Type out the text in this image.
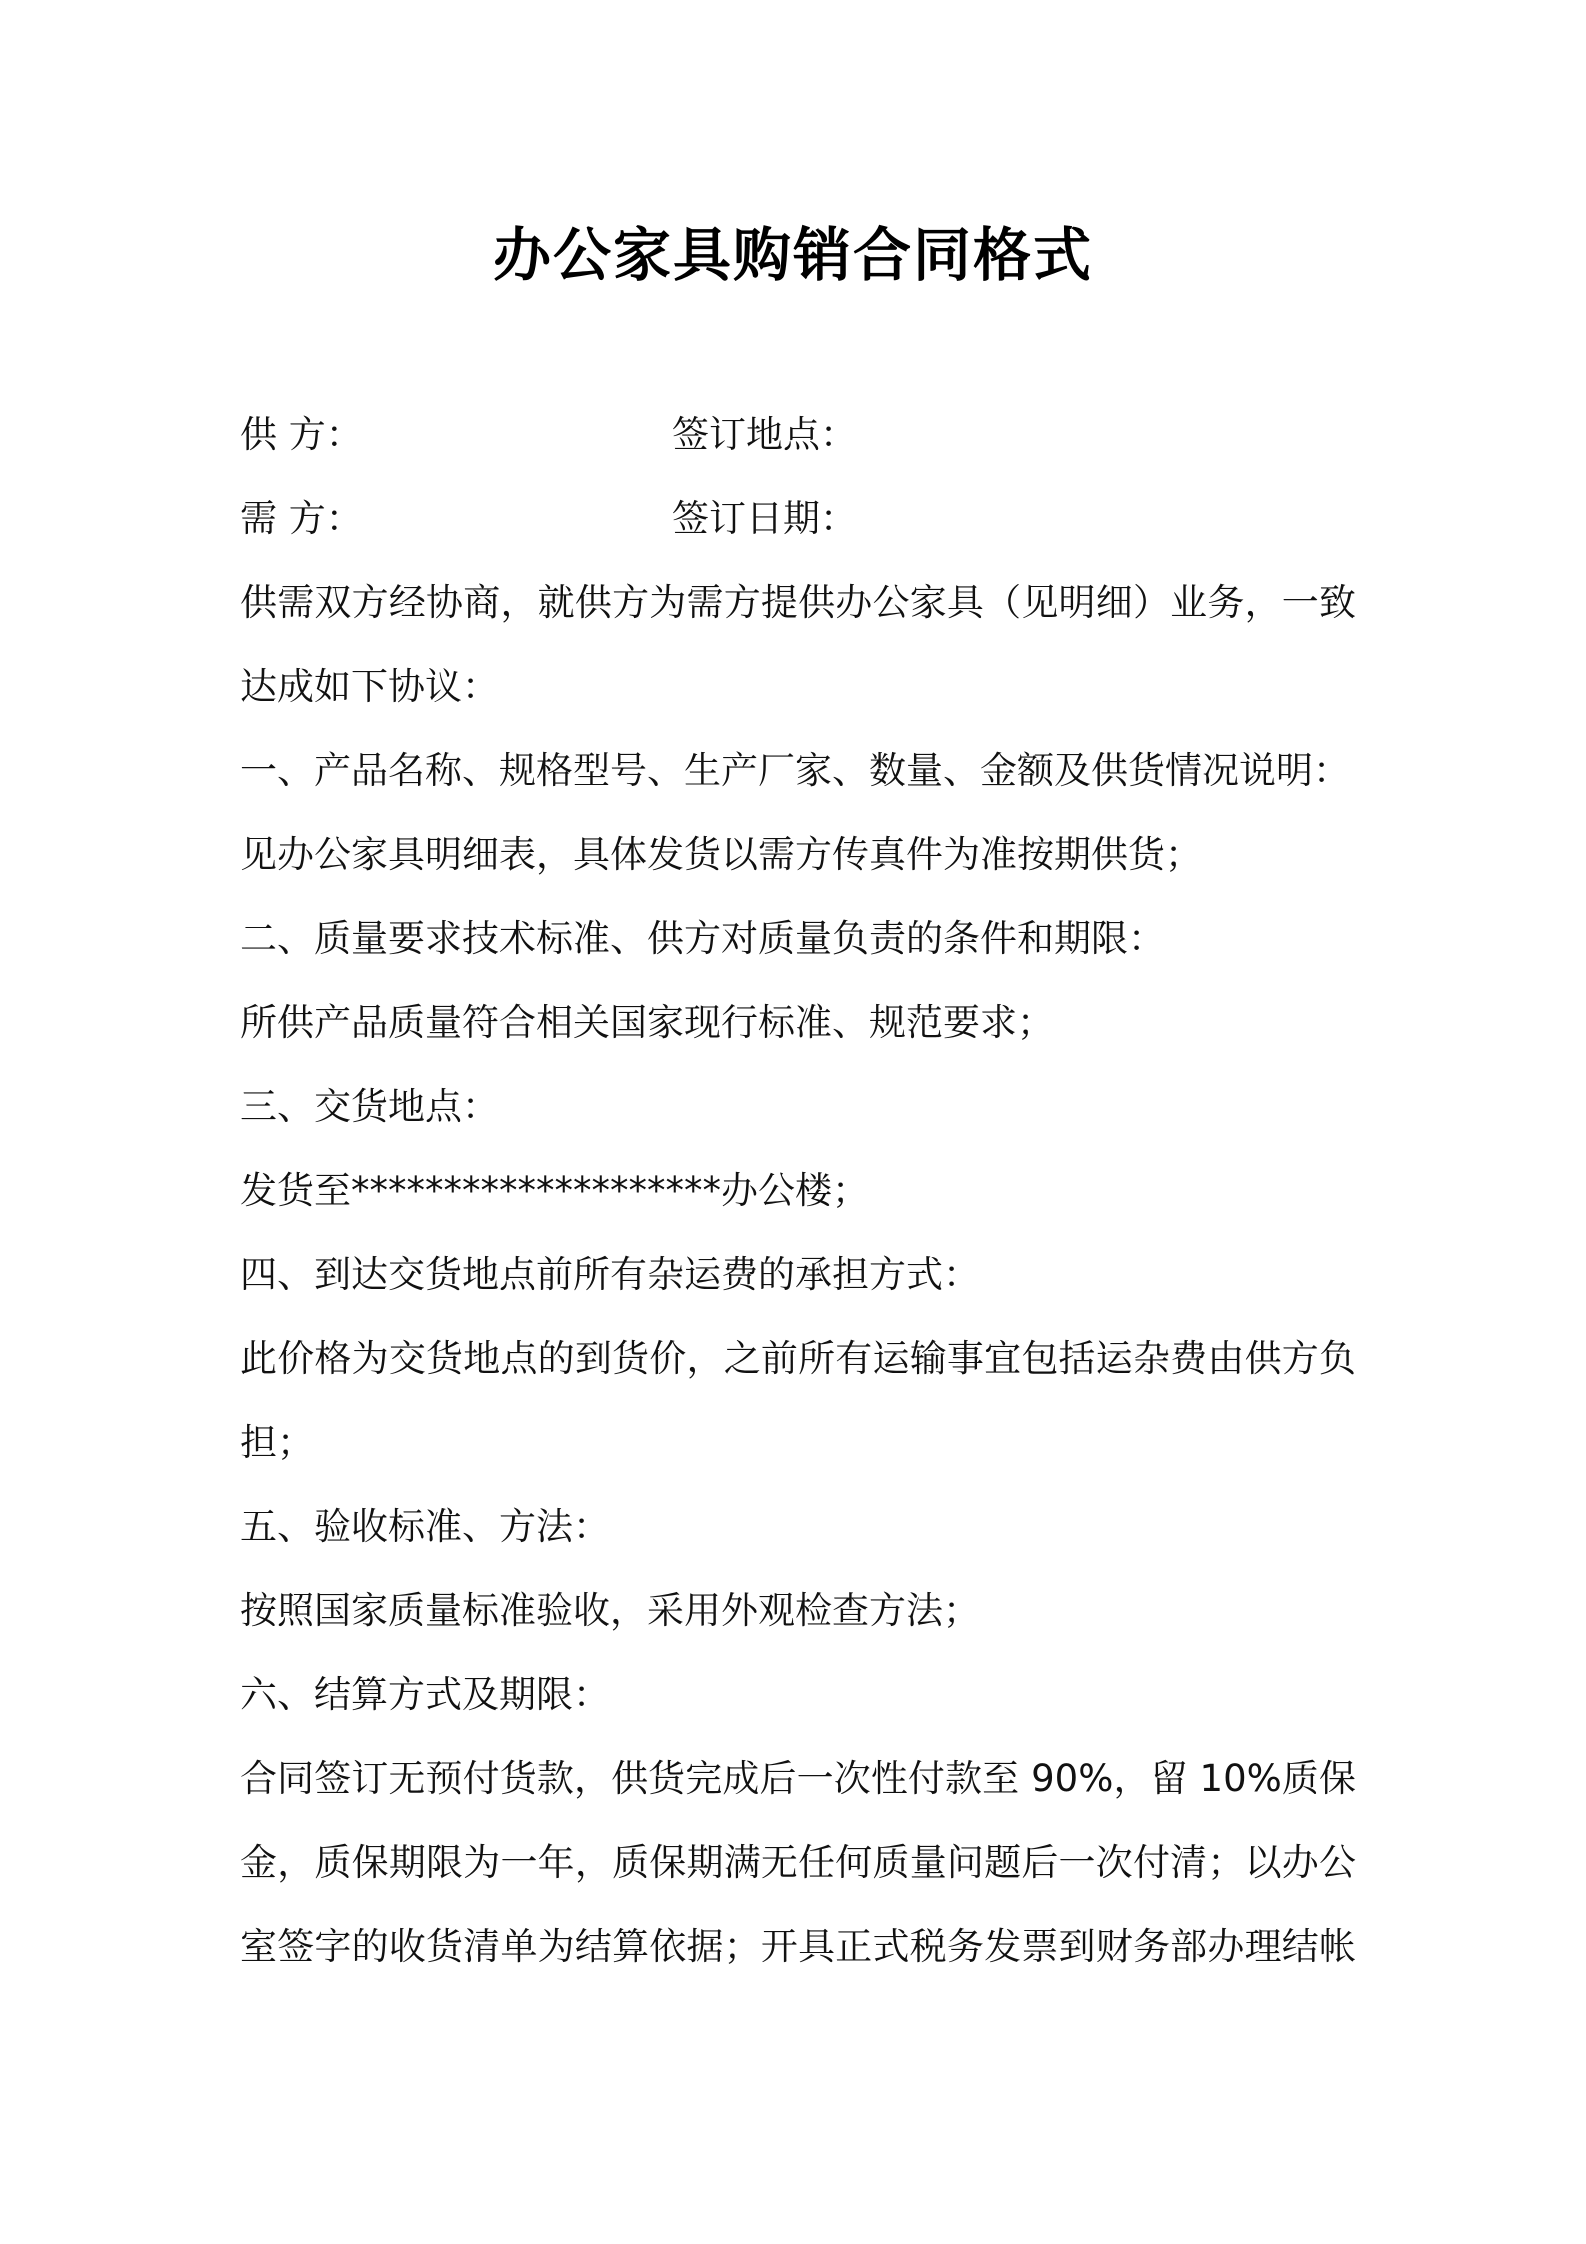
办公家具购销合同格式
供 方：	签订地点：
需 方：	签订日期：
供需双方经协商，就供方为需方提供办公家具（见明细）业务，一致
达成如下协议：
一、产品名称、规格型号、生产厂家、数量、金额及供货情况说明：
见办公家具明细表，具体发货以需方传真件为准按期供货；
二、质量要求技术标准、供方对质量负责的条件和期限：
所供产品质量符合相关国家现行标准、规范要求；
三、交货地点：
发货至********************办公楼；
四、到达交货地点前所有杂运费的承担方式：
此价格为交货地点的到货价，之前所有运输事宜包括运杂费由供方负
担；
五、验收标准、方法：
按照国家质量标准验收，采用外观检查方法；
六、结算方式及期限：
合同签订无预付货款，供货完成后一次性付款至 90%，留 10%质保
金，质保期限为一年，质保期满无任何质量问题后一次付清；以办公
室签字的收货清单为结算依据；开具正式税务发票到财务部办理结帐
